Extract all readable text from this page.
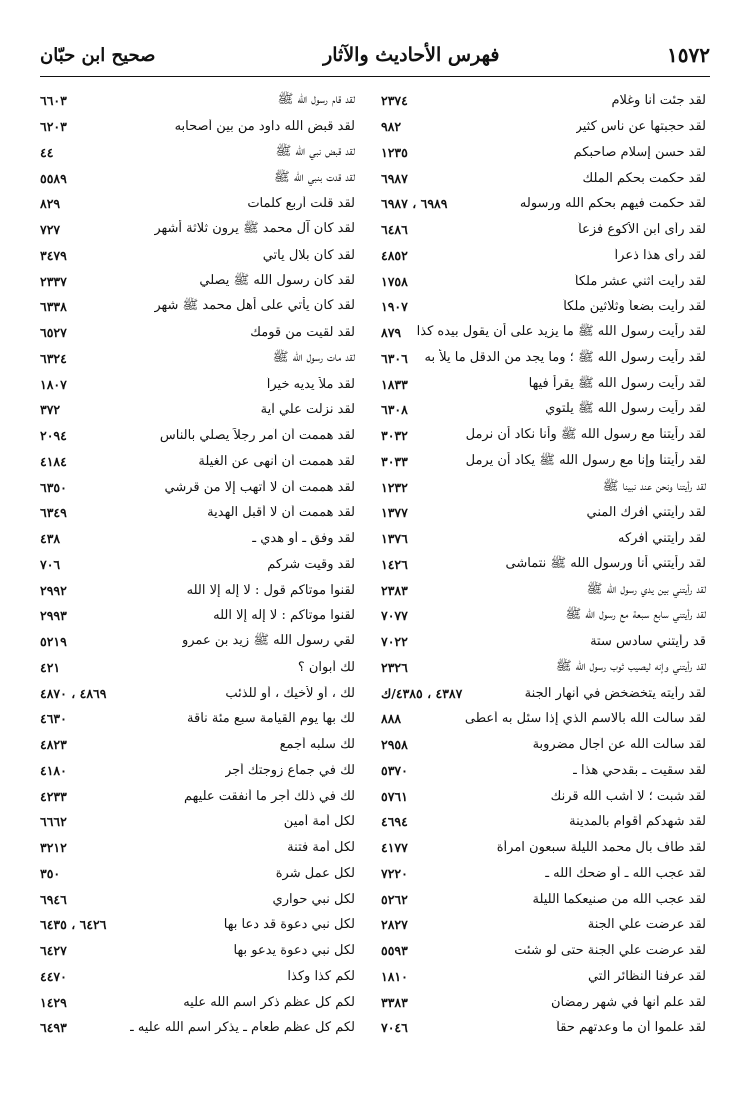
١٥٧٢
فهرس الأحاديث والآثار
صحيح ابن حبّان
لقد جئت أنا وغلام
٢٣٧٤
لقد حجبتها عن ناس كثير
٩٨٢
لقد حسن إسلام صاحبكم
١٢٣٥
لقد حكمت بحكم الملك
٦٩٨٧
لقد حكمت فيهم بحكم الله ورسوله
٦٩٨٩ ، ٦٩٨٧
لقد رأى ابن الأكوع فزعاً
٦٤٨٦
لقد رأى هذا ذعراً
٤٨٥٢
لقد رأيت اثني عشر ملكاً
١٧٥٨
لقد رأيت بضعاً وثلاثين ملكاً
١٩٠٧
لقد رأيت رسول الله ﷺ ما يزيد على أن يقول بيده كذا
٨٧٩
لقد رأيت رسول الله ﷺ ؛ وما يجد من الدقل ما يلأ به
٦٣٠٦
لقد رأيت رسول الله ﷺ يقرأ فيها
١٨٣٣
لقد رأيت رسول الله ﷺ يلتوي
٦٣٠٨
لقد رأيتنا مع رسول الله ﷺ وأنا نكاد أن نرمل
٣٠٣٢
لقد رأيتنا وإنا مع رسول الله ﷺ يكاد أن يرمل
٣٠٣٣
لقد رأيتنا ونحن عند نبينا ﷺ
١٢٣٢
لقد رأيتني أفرك المني
١٣٧٧
لقد رأيتني أفركه
١٣٧٦
لقد رأيتني أنا ورسول الله ﷺ نتماشى
١٤٢٦
لقد رأيتني بين يدي رسول الله ﷺ
٢٣٨٣
لقد رأيتني سابع سبعة مع رسول الله ﷺ
٧٠٧٧
قد رأيتني سادس ستة
٧٠٢٢
لقد رأيتني وإنه ليصيب ثوب رسول الله ﷺ
٢٣٢٦
لقد رأيته يتخضخض في أنهار الجنة
٤٣٨٧ ، ٤٣٨٥/ك
لقد سألت الله بالاسم الذي إذا سئل به أعطى
٨٨٨
لقد سألت الله عن آجال مضروبة
٢٩٥٨
لقد سقيت ـ بقدحي هذا ـ
٥٣٧٠
لقد شبت ؛ لا أشب الله قرنك
٥٧٦١
لقد شهدكم أقوام بالمدينة
٤٦٩٤
لقد طاف بآل محمد الليلة سبعون امرأة
٤١٧٧
لقد عجب الله ـ أو ضحك الله ـ
٧٢٢٠
لقد عجب الله من صنيعكما الليلة
٥٢٦٢
لقد عرضت علي الجنة
٢٨٢٧
لقد عرضت علي الجنة حتى لو شئت
٥٥٩٣
لقد عرفنا النظائر التي
١٨١٠
لقد علم أنها في شهر رمضان
٣٣٨٣
لقد علموا أن ما وعدتهم حقاً
٧٠٤٦
لقد قام رسول الله ﷺ
٦٦٠٣
لقد قبض الله داود من بين أصحابه
٦٢٠٣
لقد قبض نبي الله ﷺ
٤٤
لقد قدت بنبي الله ﷺ
٥٥٨٩
لقد قلت أربع كلمات
٨٢٩
لقد كان آل محمد ﷺ يرون ثلاثة أشهر
٧٢٧
لقد كان بلال يأتي
٣٤٧٩
لقد كان رسول الله ﷺ يصلي
٢٣٣٧
لقد كان يأتي على أهل محمد ﷺ شهر
٦٣٣٨
لقد لقيت من قومك
٦٥٢٧
لقد مات رسول الله ﷺ
٦٣٢٤
لقد ملأ يديه خيراً
١٨٠٧
لقد نزلت علي آية
٣٧٢
لقد هممت أن آمر رجلاً يصلي بالناس
٢٠٩٤
لقد هممت أن أنهى عن الغيلة
٤١٨٤
لقد هممت أن لا أتهب إلا من قرشي
٦٣٥٠
لقد هممت أن لا أقبل الهدية
٦٣٤٩
لقد وفق ـ أو هدي ـ
٤٣٨
لقد وقيت شركم
٧٠٦
لقنوا موتاكم قول : لا إله إلا الله
٢٩٩٢
لقنوا موتاكم : لا إله إلا الله
٢٩٩٣
لقي رسول الله ﷺ زيد بن عمرو
٥٢١٩
لك أبوان ؟
٤٢١
لك ، أو لأخيك ، أو للذئب
٤٨٦٩ ، ٤٨٧٠
لك بها يوم القيامة سبع مئة ناقة
٤٦٣٠
لك سلبه أجمع
٤٨٢٣
لك في جماع زوجتك أجر
٤١٨٠
لك في ذلك أجر ما أنفقت عليهم
٤٢٣٣
لكل أمة أمين
٦٦٦٢
لكل أمة فتنة
٣٢١٢
لكل عمل شرة
٣٥٠
لكل نبي حواري
٦٩٤٦
لكل نبي دعوة قد دعا بها
٦٤٢٦ ، ٦٤٣٥
لكل نبي دعوة يدعو بها
٦٤٢٧
لكم كذا وكذا
٤٤٧٠
لكم كل عظم ذكر اسم الله عليه
١٤٢٩
لكم كل عظم طعام ـ يذكر اسم الله عليه ـ
٦٤٩٣
